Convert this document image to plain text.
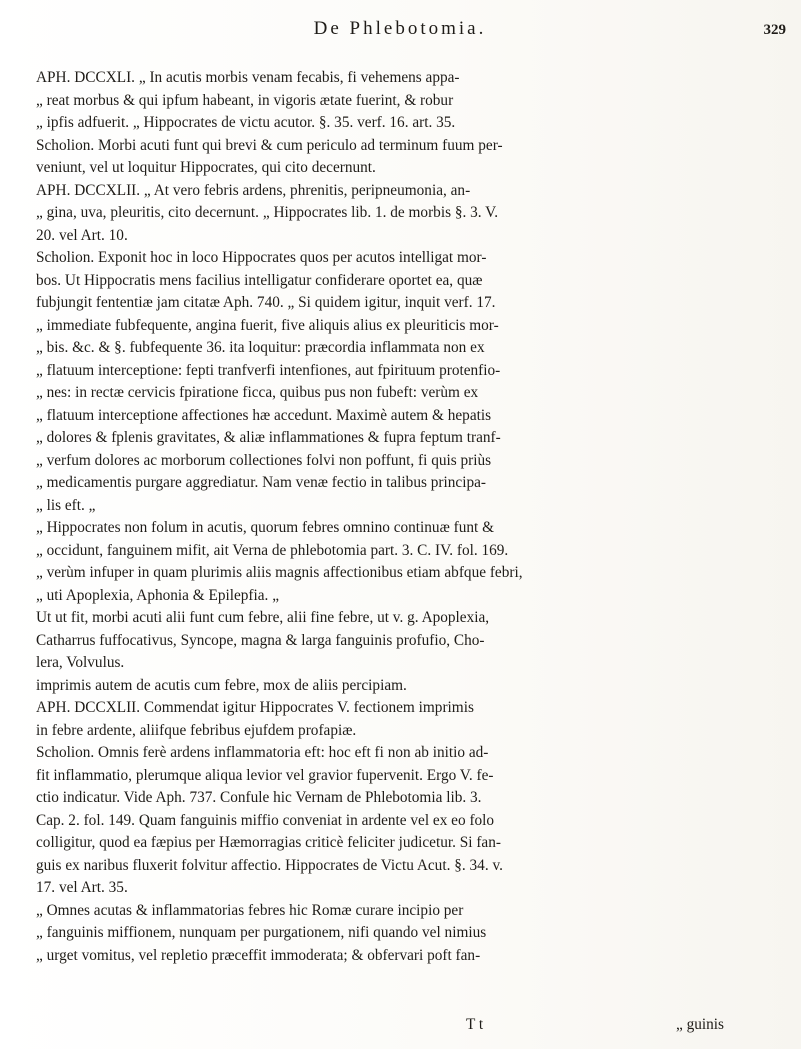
De Phlebotomia.	329
APH. DCCXLI. „ In acutis morbis venam fecabis, fi vehemens appa-
„ reat morbus & qui ipfum habeant, in vigoris ætate fuerint, & robur
„ ipfis adfuerit. „ Hippocrates de victu acutor. §. 35. verf. 16. art. 35.
Scholion. Morbi acuti funt qui brevi & cum periculo ad terminum fuum per-
veniunt, vel ut loquitur Hippocrates, qui cito decernunt.
APH. DCCXLII. „ At vero febris ardens, phrenitis, peripneumonia, an-
„ gina, uva, pleuritis, cito decernunt. „ Hippocrates lib. 1. de morbis §. 3. V.
20. vel Art. 10.
Scholion. Exponit hoc in loco Hippocrates quos per acutos intelligat mor-
bos. Ut Hippocratis mens facilius intelligatur confiderare oportet ea, quæ
fubjungit fententiæ jam citatæ Aph. 740. „ Si quidem igitur, inquit verf. 17.
„ immediate fubfequente, angina fuerit, five aliquis alius ex pleuriticis mor-
„ bis. &c. & §. fubfequente 36. ita loquitur: præcordia inflammata non ex
„ flatuum interceptione: fepti tranfverfi intenfiones, aut fpirituum protenfio-
„ nes: in rectæ cervicis fpiratione ficca, quibus pus non fubeft: verùm ex
„ flatuum interceptione affectiones hæ accedunt. Maximè autem & hepatis
„ dolores & fplenis gravitates, & aliæ inflammationes & fupra feptum tranf-
„ verfum dolores ac morborum collectiones folvi non poffunt, fi quis priùs
„ medicamentis purgare aggrediatur. Nam venæ fectio in talibus principa-
„ lis eft. „
„ Hippocrates non folum in acutis, quorum febres omnino continuæ funt &
„ occidunt, fanguinem mifit, ait Verna de phlebotomia part. 3. C. IV. fol. 169.
„ verùm infuper in quam plurimis aliis magnis affectionibus etiam abfque febri,
„ uti Apoplexia, Aphonia & Epilepfia. „
Ut ut fit, morbi acuti alii funt cum febre, alii fine febre, ut v. g. Apoplexia,
Catharrus fuffocativus, Syncope, magna & larga fanguinis profufio, Cho-
lera, Volvulus.
imprimis autem de acutis cum febre, mox de aliis percipiam.
APH. DCCXLII. Commendat igitur Hippocrates V. fectionem imprimis
in febre ardente, aliifque febribus ejufdem profapiæ.
Scholion. Omnis ferè ardens inflammatoria eft: hoc eft fi non ab initio ad-
fit inflammatio, plerumque aliqua levior vel gravior fupervenit. Ergo V. fe-
ctio indicatur. Vide Aph. 737. Confule hic Vernam de Phlebotomia lib. 3.
Cap. 2. fol. 149. Quam fanguinis miffio conveniat in ardente vel ex eo folo
colligitur, quod ea fæpius per Hæmorragias criticè feliciter judicetur. Si fan-
guis ex naribus fluxerit folvitur affectio. Hippocrates de Victu Acut. §. 34. v.
17. vel Art. 35.
„ Omnes acutas & inflammatorias febres hic Romæ curare incipio per
„ fanguinis miffionem, nunquam per purgationem, nifi quando vel nimius
„ urget vomitus, vel repletio præceffit immoderata; & obfervari poft fan-
T t	„ guinis
